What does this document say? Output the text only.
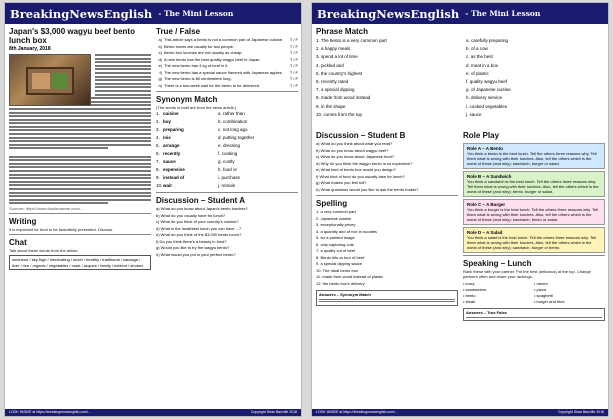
BreakingNewsEnglish - The Mini Lesson
Japan's $3,000 wagyu beef bento lunch box
8th January, 2018
Sources: https://www.foodandwine.com/...
Writing
It is important for food to be beautifully presented. Discuss.
Chat
Talk about these words from the article.
luncheon / sky-high / intoxicating / lunch / healthy / traditional / sausage / liver / rice / organic / vegetables / roast / acquire / family / evident / shower
True / False
a) This article says a bento is not a common part of Japanese cuisine.	T / F
b) Bento boxes are usually for two people.	T / F
c) Bento box lunches are not usually as cheap.	T / F
d) A new bento has the best quality wagyu beef in Japan.	T / F
e) The new bento has 4 kg of beef in it.	T / F
f) The new bento has a special sauce flavored with Japanese apples.	T / F
g) The new bento is 80 centimeters long.	T / F
h) There is a two-week wait for the bento to be delivered.	T / F
Synonym Match
(The words in bold are from the news article.)
1. cuisine	a. rather than
2. buy	b. combination
3. preparing	c. not long ago
4. mix	d. putting together
5. arrange	e. dressing
6. recently	f. cooking
7. sauce	g. costly
8. expensive	h. food or
9. instead of	i. purchase
10. wait	j. remain
Discussion – Student A
a) What do you know about Japan's bento lunches?
b) What do you usually have for lunch?
c) What do you think of your country's cuisine?
d) What is the healthiest lunch you can have ...?
e) What do you think of the $3,000 bento lunch?
f) Do you think there's a beauty in food?
g) Would you like to try the wagyu bento?
h) What would you put in your perfect bento?
LOOK INSIDE at https://breakingnewsenglish.com/...	Copyright Sean Banville 2018
BreakingNewsEnglish - The Mini Lesson
Phrase Match
1. The bento is a very common part	a. carefully preparing
2. a happy meals	b. of a cow
3. spend a lot of time	c. as the best
4. pickled and	d. meat in a box
5. the country's highest	e. of plastic
6. recently rated	f. quality wagyu beef
7. a special dipping	g. of Japanese cuisine
8. made from wood instead	h. delivery service
9. in the shape	i. cooked vegetables
10. comes from the top	j. sauce
Discussion – Student B
a) What do you think about what you read?
b) What do you know about wagyu beef?
c) What do you know about Japanese food?
d) Why do you think the wagyu bento is so expensive?
e) What kind of bento box would you design?
f) What kind of food do you usually take for lunch?
g) What makes you feel full?
h) What questions would you like to ask the bento maker?
Spelling
1. a very common part
2. Japanese cuisine
3. exceptionally pricey
4. a quantity and of rice in noodles
5. for a painted image
6. only capturing cuts
7. a quality cut of beef
8. Bento hits ar four of beef
9. a special dipping sauce
10. The ritual bento box
11. made from wood instead of plastic
12. the bento box's delivery
Answers – Synonym Match
Role Play
Role A – A Bento
You think a bento is the best lunch. Tell the others three reasons why. Tell them what is wrong with their lunches. Also, tell the others which is the worst of these (and why): sandwich, burger or salad.
Role B – A Sandwich
You think a sandwich is the best lunch. Tell the others three reasons why. Tell them what is wrong with their lunches. Also, tell the others which is the worst of these (and why): bento, burger or salad.
Role C – A Burger
You think a burger is the best lunch. Tell the others three reasons why. Tell them what is wrong with their lunches. Also, tell the others which is the worst of these (and why): sandwich, bento or salad.
Role D – A Salad
You think a salad is the best lunch. Tell the others three reasons why. Tell them what is wrong with their lunches. Also, tell the others which is the worst of these (and why): sandwich, burger or bento.
Speaking – Lunch
Rank these with your partner. Put the best (delicious) at the top. Change partners often and share your rankings.
• curry	• ramen
• sandwiches	• pizza
• bento	• spaghetti
• steak	• burger and fries
Answers – True False
LOOK INSIDE at https://breakingnewsenglish.com/...	Copyright Sean Banville 2018
